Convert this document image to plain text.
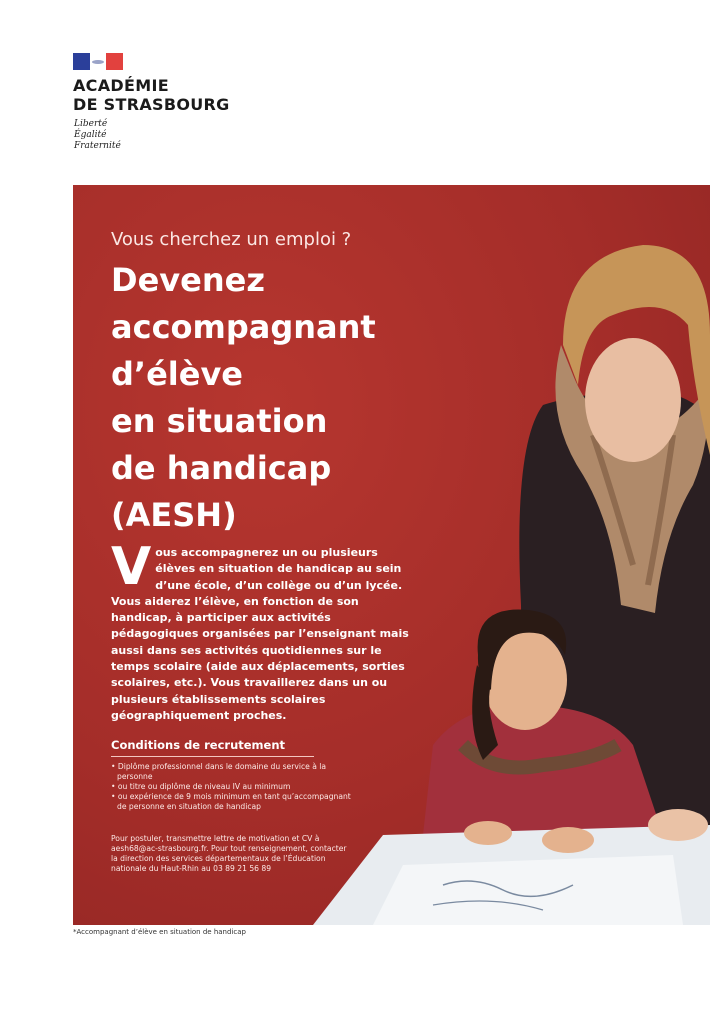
ACADÉMIE
DE STRASBOURG
Liberté
Égalité
Fraternité
Vous cherchez un emploi ?
Devenez
accompagnant
d’élève
en situation
de handicap
(AESH)
Vous accompagnerez un ou plusieurs élèves en situation de handicap au sein d’une école, d’un collège ou d’un lycée. Vous aiderez l’élève, en fonction de son handicap, à participer aux activités pédagogiques organisées par l’enseignant mais aussi dans ses activités quotidiennes sur le temps scolaire (aide aux déplacements, sorties scolaires, etc.). Vous travaillerez dans un ou plusieurs établissements scolaires géographiquement proches.
Conditions de recrutement
• Diplôme professionnel dans le domaine du service à la personne
• ou titre ou diplôme de niveau IV au minimum
• ou expérience de 9 mois minimum en tant qu’accompagnant de personne en situation de handicap
Pour postuler, transmettre lettre de motivation et CV à aesh68@ac-strasbourg.fr. Pour tout renseignement, contacter la direction des services départementaux de l’Éducation nationale du Haut-Rhin au 03 89 21 56 89
*Accompagnant d’élève en situation de handicap
